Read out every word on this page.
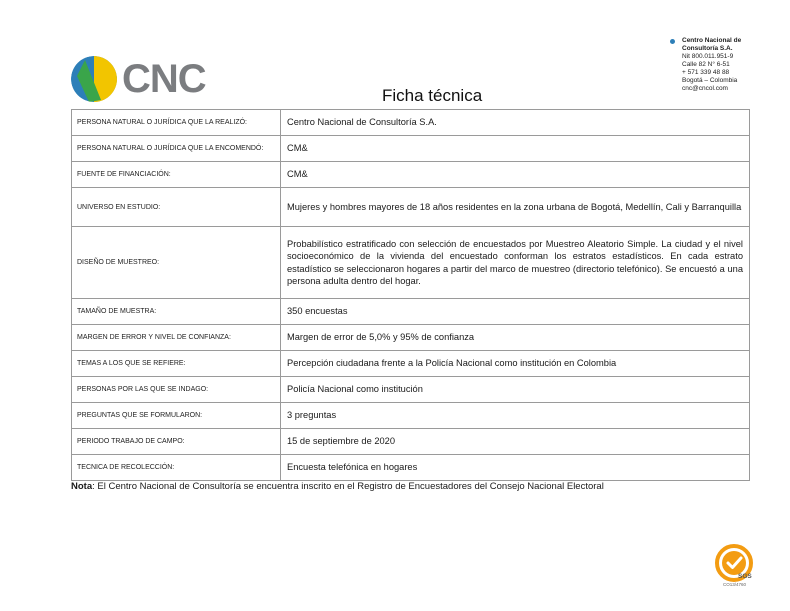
CNC
Centro Nacional de
Consultoría S.A.
Nit 800.011.951-9
Calle 82 N° 6-51
+ 571 339 48 88
Bogotá – Colombia
cnc@cncol.com
Ficha técnica
PERSONA NATURAL O JURÍDICA QUE LA REALIZÓ:	Centro Nacional de Consultoría S.A.
PERSONA NATURAL O JURÍDICA QUE LA ENCOMENDÓ:	CM&
FUENTE DE FINANCIACIÓN:	CM&
UNIVERSO EN ESTUDIO:	Mujeres y hombres mayores de 18 años residentes en la zona urbana de Bogotá, Medellín, Cali y Barranquilla
DISEÑO DE MUESTREO:	Probabilístico estratificado con selección de encuestados por Muestreo Aleatorio Simple. La ciudad y el nivel socioeconómico de la vivienda del encuestado conforman los estratos estadísticos. En cada estrato estadístico se seleccionaron hogares a partir del marco de muestreo (directorio telefónico). Se encuestó a una persona adulta dentro del hogar.
TAMAÑO DE MUESTRA:	350 encuestas
MARGEN DE ERROR Y NIVEL DE CONFIANZA:	Margen de error de 5,0% y 95% de confianza
TEMAS A LOS QUE SE REFIERE:	Percepción ciudadana frente a la Policía Nacional como institución en Colombia
PERSONAS POR LAS QUE SE INDAGO:	Policía Nacional como institución
PREGUNTAS QUE SE FORMULARON:	3 preguntas
PERIODO TRABAJO DE CAMPO:	15 de septiembre de 2020
TECNICA DE RECOLECCIÓN:	Encuesta telefónica en hogares
Nota: El Centro Nacional de Consultoría se encuentra inscrito en el Registro de Encuestadores del Consejo Nacional Electoral
SGS
CO13/4760
